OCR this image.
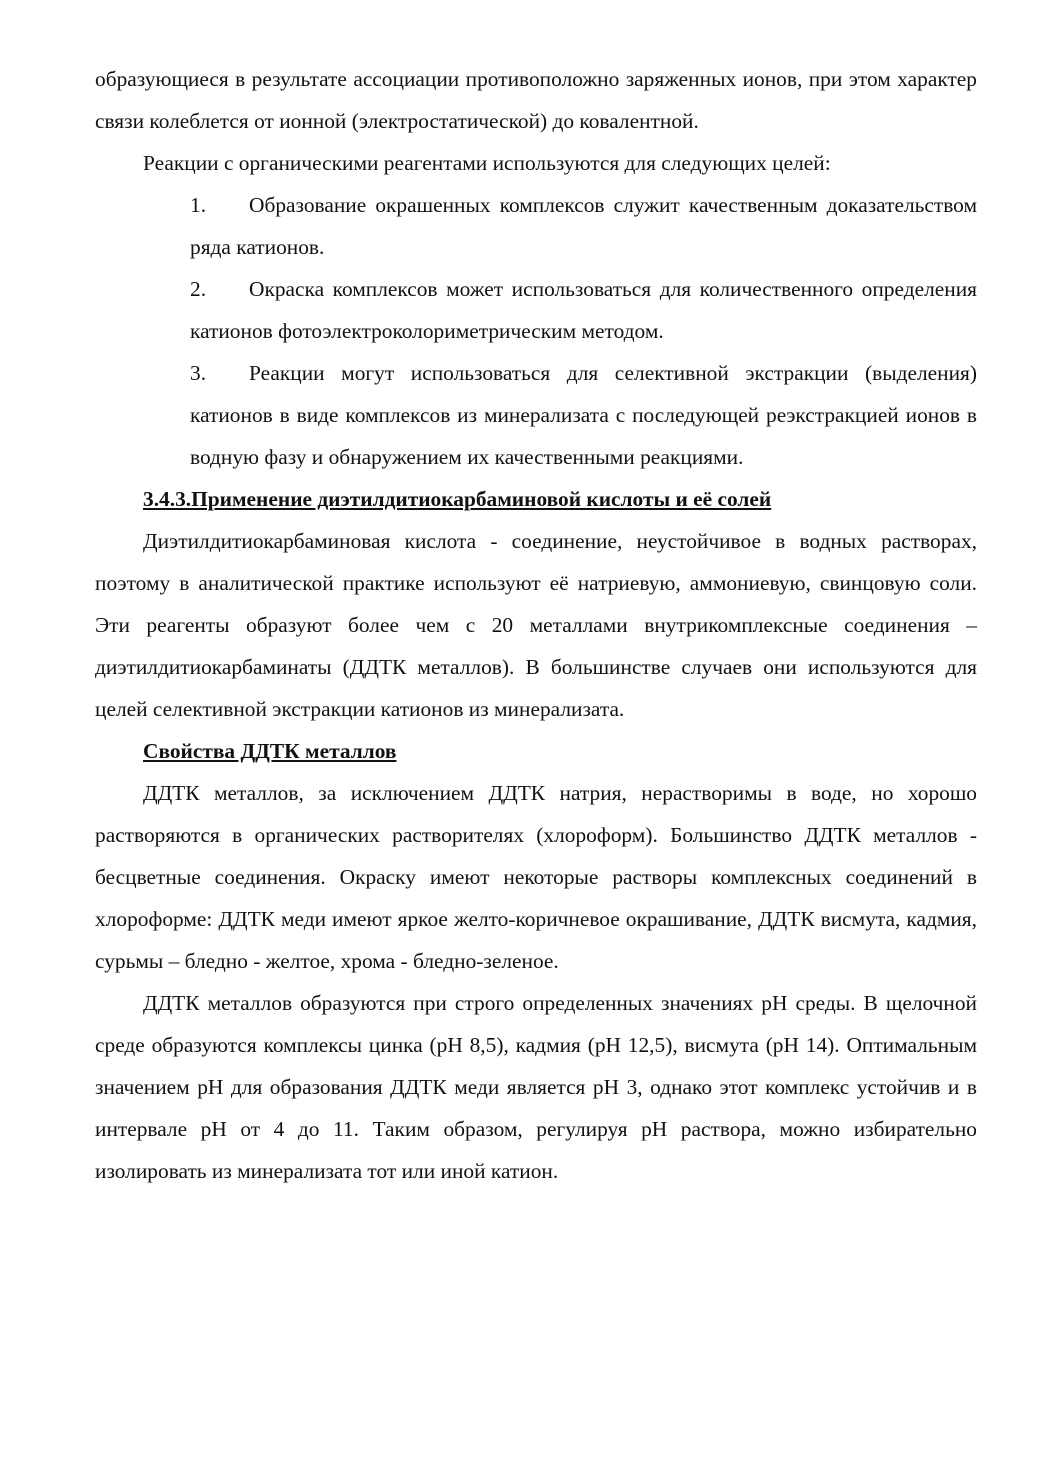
образующиеся в результате ассоциации противоположно заряженных ионов, при этом характер связи колеблется от ионной (электростатической) до ковалентной.

Реакции с органическими реагентами используются для следующих целей:

1. Образование окрашенных комплексов служит качественным доказательством ряда катионов.
2. Окраска комплексов может использоваться для количественного определения катионов фотоэлектроколориметрическим методом.
3. Реакции могут использоваться для селективной экстракции (выделения) катионов в виде комплексов из минерализата с последующей реэкстракцией ионов в водную фазу и обнаружением их качественными реакциями.

3.4.3.Применение диэтилдитиокарбаминовой кислоты и её солей

Диэтилдитиокарбаминовая кислота - соединение, неустойчивое в водных растворах, поэтому в аналитической практике используют её натриевую, аммониевую, свинцовую соли. Эти реагенты образуют более чем с 20 металлами внутрикомплексные соединения – диэтилдитиокарбаминаты (ДДТК металлов). В большинстве случаев они используются для целей селективной экстракции катионов из минерализата.

Свойства ДДТК металлов

ДДТК металлов, за исключением ДДТК натрия, нерастворимы в воде, но хорошо растворяются в органических растворителях (хлороформ). Большинство ДДТК металлов - бесцветные соединения. Окраску имеют некоторые растворы комплексных соединений в хлороформе: ДДТК меди имеют яркое желто-коричневое окрашивание, ДДТК висмута, кадмия, сурьмы – бледно - желтое, хрома - бледно-зеленое.

ДДТК металлов образуются при строго определенных значениях pH среды. В щелочной среде образуются комплексы цинка (pH 8,5), кадмия (pH 12,5), висмута (pH 14). Оптимальным значением pH для образования ДДТК меди является pH 3, однако этот комплекс устойчив и в интервале pH от 4 до 11. Таким образом, регулируя pH раствора, можно избирательно изолировать из минерализата тот или иной катион.
